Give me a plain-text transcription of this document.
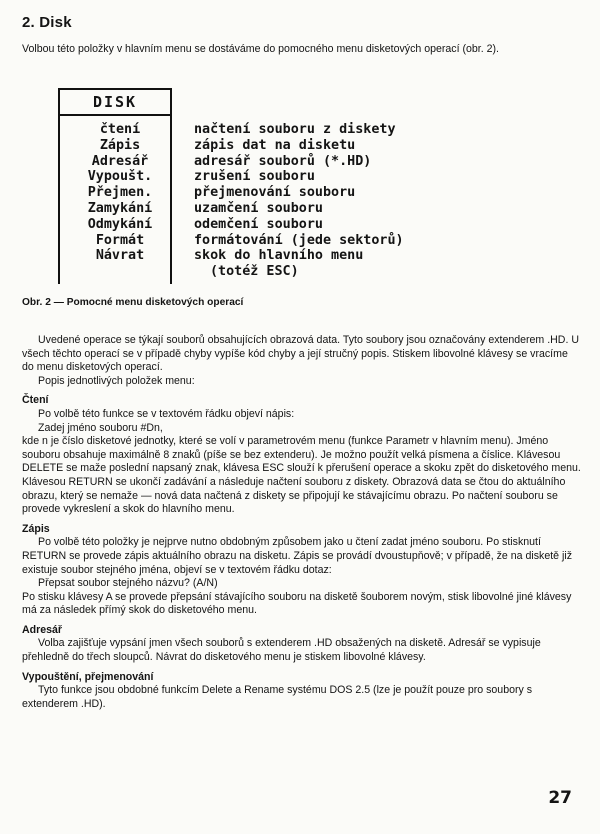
2. Disk

Volbou této položky v hlavním menu se dostáváme do pomocného menu disketových operací (obr. 2).

DISK
čtení
Zápis
Adresář
Vypoušt.
Přejmen.
Zamykání
Odmykání
Formát
Návrat
načtení souboru z diskety
zápis dat na disketu
adresář souborů (*.HD)
zrušení souboru
přejmenování souboru
uzamčení souboru
odemčení souboru
formátování (jede sektorů)
skok do hlavního menu
(totéž ESC)

Obr. 2 — Pomocné menu disketových operací

Uvedené operace se týkají souborů obsahujících obrazová data. Tyto soubory jsou označovány extenderem .HD. U všech těchto operací se v případě chyby vypíše kód chyby a její stručný popis. Stiskem libovolné klávesy se vracíme do menu disketových operací.

Popis jednotlivých položek menu:

Čtení

Po volbě této funkce se v textovém řádku objeví nápis:

Zadej jméno souboru #Dn,

kde n je číslo disketové jednotky, které se volí v parametrovém menu (funkce Parametr v hlavním menu). Jméno souboru obsahuje maximálně 8 znaků (píše se bez extenderu). Je možno použít velká písmena a číslice. Klávesou DELETE se maže poslední napsaný znak, klávesa ESC slouží k přerušení operace a skoku zpět do disketového menu. Klávesou RETURN se ukončí zadávání a následuje načtení souboru z diskety. Obrazová data se čtou do aktuálního obrazu, který se nemaže — nová data načtená z diskety se připojují ke stávajícímu obrazu. Po načtení souboru se provede vykreslení a skok do hlavního menu.

Zápis

Po volbě této položky je nejprve nutno obdobným způsobem jako u čtení zadat jméno souboru. Po stisknutí RETURN se provede zápis aktuálního obrazu na disketu. Zápis se provádí dvoustupňově; v případě, že na disketě již existuje soubor stejného jména, objeví se v textovém řádku dotaz:

Přepsat soubor stejného názvu? (A/N)

Po stisku klávesy A se provede přepsání stávajícího souboru na disketě šouborem novým, stisk libovolné jiné klávesy má za následek přímý skok do disketového menu.

Adresář

Volba zajišťuje vypsání jmen všech souborů s extenderem .HD obsažených na disketě. Adresář se vypisuje přehledně do třech sloupců. Návrat do disketového menu je stiskem libovolné klávesy.

Vypouštění, přejmenování

Tyto funkce jsou obdobné funkcím Delete a Rename systému DOS 2.5 (lze je použít pouze pro soubory s extenderem .HD).

27
